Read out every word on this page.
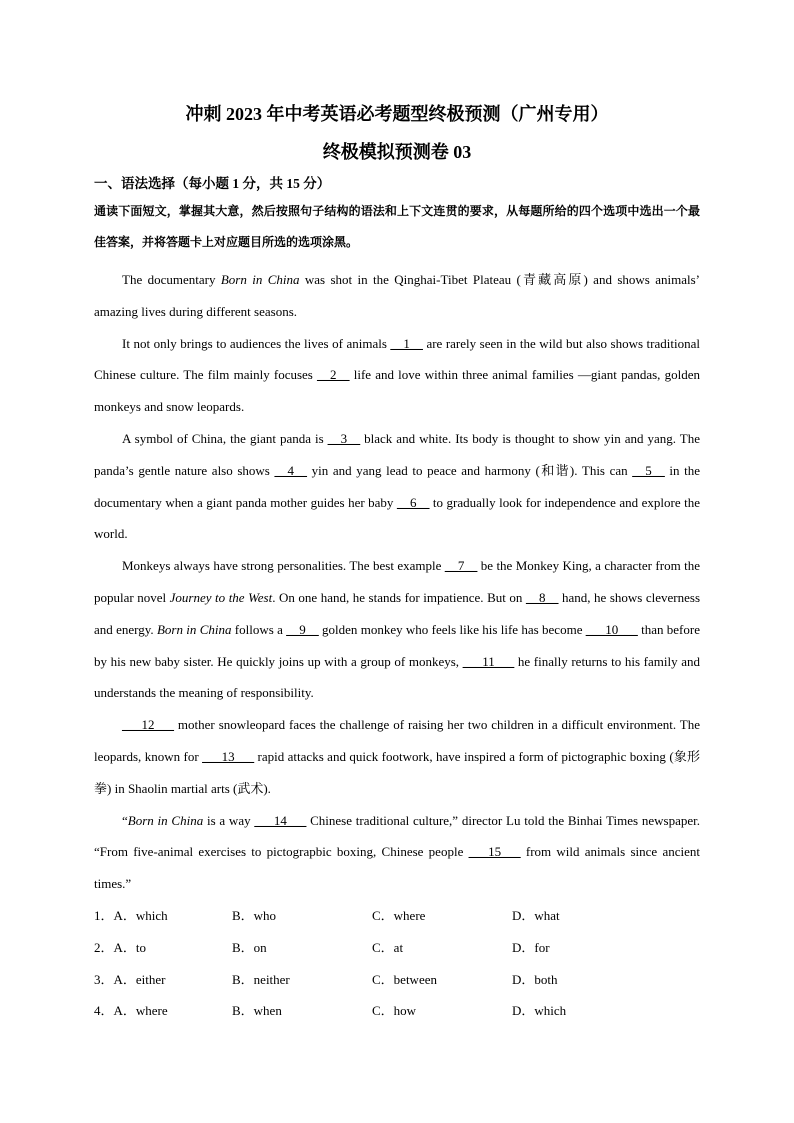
冲刺 2023 年中考英语必考题型终极预测（广州专用）
终极模拟预测卷 03
一、语法选择（每小题 1 分，共 15 分）
通读下面短文，掌握其大意，然后按照句子结构的语法和上下文连贯的要求，从每题所给的四个选项中选出一个最佳答案，并将答题卡上对应题目所选的选项涂黑。

The documentary Born in China was shot in the Qinghai-Tibet Plateau (青藏高原) and shows animals’ amazing lives during different seasons.

It not only brings to audiences the lives of animals __1__ are rarely seen in the wild but also shows traditional Chinese culture. The film mainly focuses __2__ life and love within three animal families —giant pandas, golden monkeys and snow leopards.

A symbol of China, the giant panda is __3__ black and white. Its body is thought to show yin and yang. The panda’s gentle nature also shows __4__ yin and yang lead to peace and harmony (和谐). This can __5__ in the documentary when a giant panda mother guides her baby __6__ to gradually look for independence and explore the world.

Monkeys always have strong personalities. The best example __7__ be the Monkey King, a character from the popular novel Journey to the West. On one hand, he stands for impatience. But on __8__ hand, he shows cleverness and energy. Born in China follows a __9__ golden monkey who feels like his life has become ___10___ than before by his new baby sister. He quickly joins up with a group of monkeys, ___11___ he finally returns to his family and understands the meaning of responsibility.

___12___ mother snowleopard faces the challenge of raising her two children in a difficult environment. The leopards, known for ___13___ rapid attacks and quick footwork, have inspired a form of pictographic boxing (象形拳) in Shaolin martial arts (武术).

“Born in China is a way ___14___ Chinese traditional culture,” director Lu told the Binhai Times newspaper. “From five-animal exercises to pictograpbic boxing, Chinese people ___15___ from wild animals since ancient times.”

1．A．which	B．who	C．where	D．what
2．A．to	B．on	C．at	D．for
3．A．either	B．neither	C．between	D．both
4．A．where	B．when	C．how	D．which
